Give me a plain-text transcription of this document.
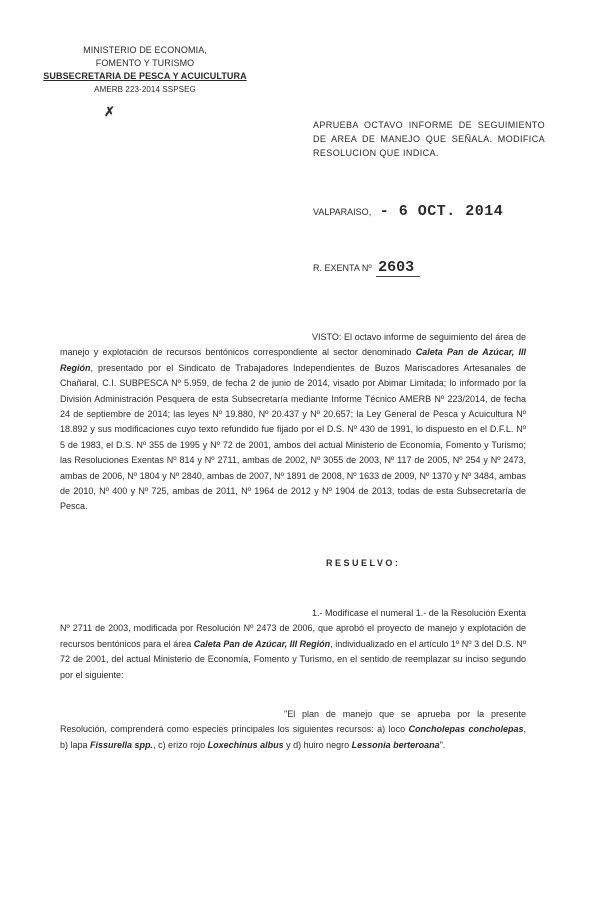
MINISTERIO DE ECONOMIA,
FOMENTO Y TURISMO
SUBSECRETARIA DE PESCA Y ACUICULTURA
AMERB 223-2014 SSPSEG
✗
APRUEBA OCTAVO INFORME DE SEGUIMIENTO DE AREA DE MANEJO QUE SEÑALA. MODIFICA RESOLUCION QUE INDICA.
VALPARAISO, - 6 OCT. 2014
R. EXENTA Nº 2603
VISTO: El octavo informe de seguimiento del área de manejo y explotación de recursos bentónicos correspondiente al sector denominado Caleta Pan de Azúcar, III Región, presentado por el Sindicato de Trabajadores Independientes de Buzos Mariscadores Artesanales de Chañaral, C.I. SUBPESCA Nº 5.959, de fecha 2 de junio de 2014, visado por Abimar Limitada; lo informado por la División Administración Pesquera de esta Subsecretaría mediante Informe Técnico AMERB Nº 223/2014, de fecha 24 de septiembre de 2014; las leyes Nº 19.880, Nº 20.437 y Nº 20.657; la Ley General de Pesca y Acuicultura Nº 18.892 y sus modificaciones cuyo texto refundido fue fijado por el D.S. Nº 430 de 1991, lo dispuesto en el D.F.L. Nº 5 de 1983, el D.S. Nº 355 de 1995 y Nº 72 de 2001, ambos del actual Ministerio de Economía, Fomento y Turismo; las Resoluciones Exentas Nº 814 y Nº 2711, ambas de 2002, Nº 3055 de 2003, Nº 117 de 2005, Nº 254 y Nº 2473, ambas de 2006, Nº 1804 y Nº 2840, ambas de 2007, Nº 1891 de 2008, Nº 1633 de 2009, Nº 1370 y Nº 3484, ambas de 2010, Nº 400 y Nº 725, ambas de 2011, Nº 1964 de 2012 y Nº 1904 de 2013, todas de esta Subsecretaría de Pesca.
RESUELVO:
1.- Modifícase el numeral 1.- de la Resolución Exenta Nº 2711 de 2003, modificada por Resolución Nº 2473 de 2006, que aprobó el proyecto de manejo y explotación de recursos bentónicos para el área Caleta Pan de Azúcar, III Región, individualizado en el artículo 1º Nº 3 del D.S. Nº 72 de 2001, del actual Ministerio de Economía, Fomento y Turismo, en el sentido de reemplazar su inciso segundo por el siguiente:
"El plan de manejo que se aprueba por la presente Resolución, comprenderá como especies principales los siguientes recursos: a) loco Concholepas concholepas, b) lapa Fissurella spp., c) erizo rojo Loxechinus albus y d) huiro negro Lessonia berteroana".
